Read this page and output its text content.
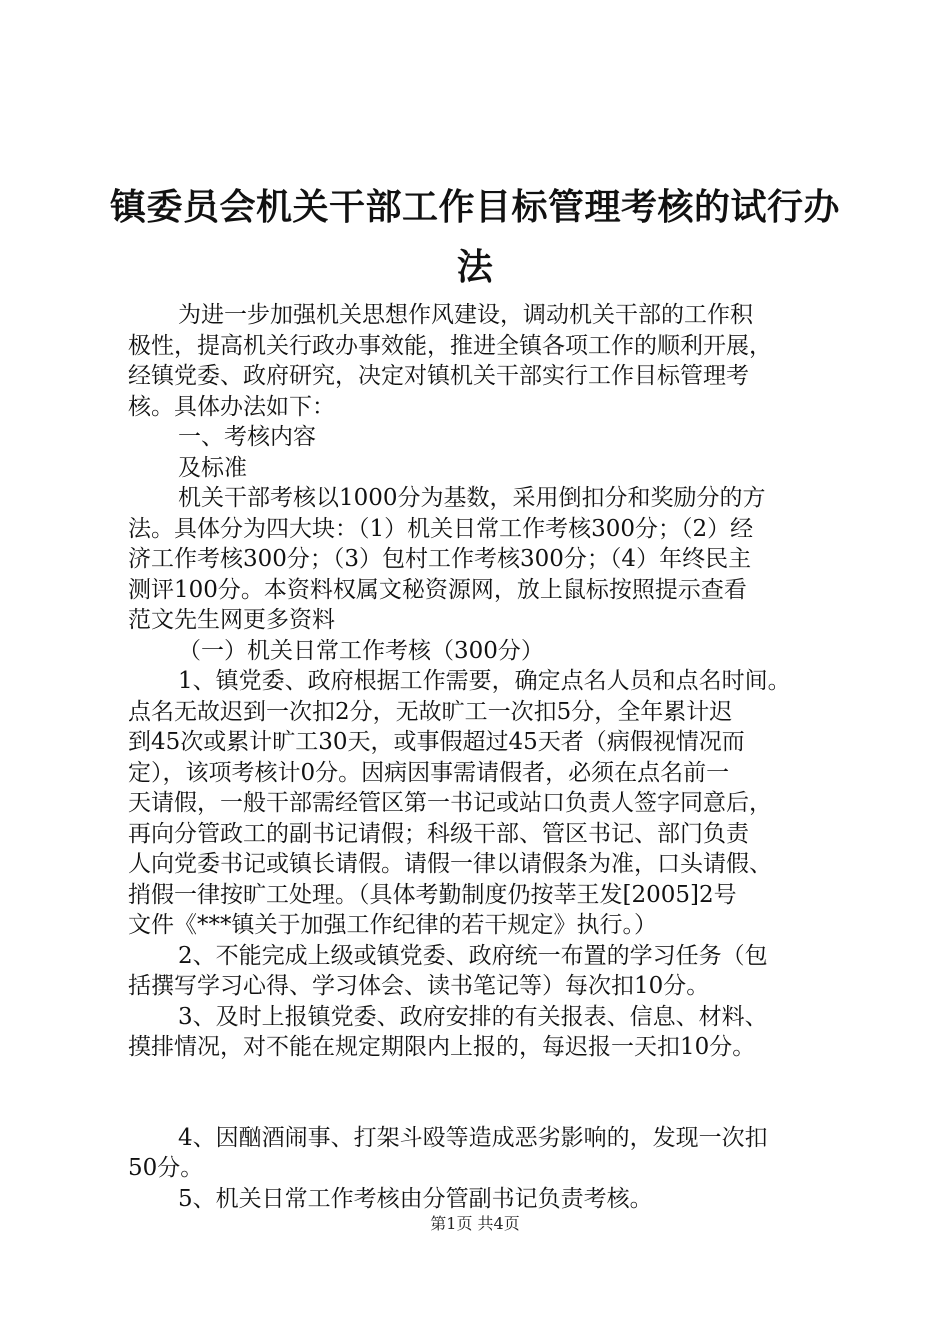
镇委员会机关干部工作目标管理考核的试行办
法
为进一步加强机关思想作风建设，调动机关干部的工作积
极性，提高机关行政办事效能，推进全镇各项工作的顺利开展，
经镇党委、政府研究，决定对镇机关干部实行工作目标管理考
核。具体办法如下：
一、考核内容
及标准
机关干部考核以1000分为基数，采用倒扣分和奖励分的方
法。具体分为四大块：（1）机关日常工作考核300分；（2）经
济工作考核300分；（3）包村工作考核300分；（4）年终民主
测评100分。本资料权属文秘资源网，放上鼠标按照提示查看
范文先生网更多资料
（一）机关日常工作考核（300分）
1、镇党委、政府根据工作需要，确定点名人员和点名时间。
点名无故迟到一次扣2分，无故旷工一次扣5分，全年累计迟
到45次或累计旷工30天，或事假超过45天者（病假视情况而
定），该项考核计0分。因病因事需请假者，必须在点名前一
天请假，一般干部需经管区第一书记或站口负责人签字同意后，
再向分管政工的副书记请假；科级干部、管区书记、部门负责
人向党委书记或镇长请假。请假一律以请假条为准，口头请假、
捎假一律按旷工处理。（具体考勤制度仍按莘王发[2005]2号
文件《***镇关于加强工作纪律的若干规定》执行。）
2、不能完成上级或镇党委、政府统一布置的学习任务（包
括撰写学习心得、学习体会、读书笔记等）每次扣10分。
3、及时上报镇党委、政府安排的有关报表、信息、材料、
摸排情况，对不能在规定期限内上报的，每迟报一天扣10分。
4、因酗酒闹事、打架斗殴等造成恶劣影响的，发现一次扣
50分。
5、机关日常工作考核由分管副书记负责考核。
第1页 共4页
